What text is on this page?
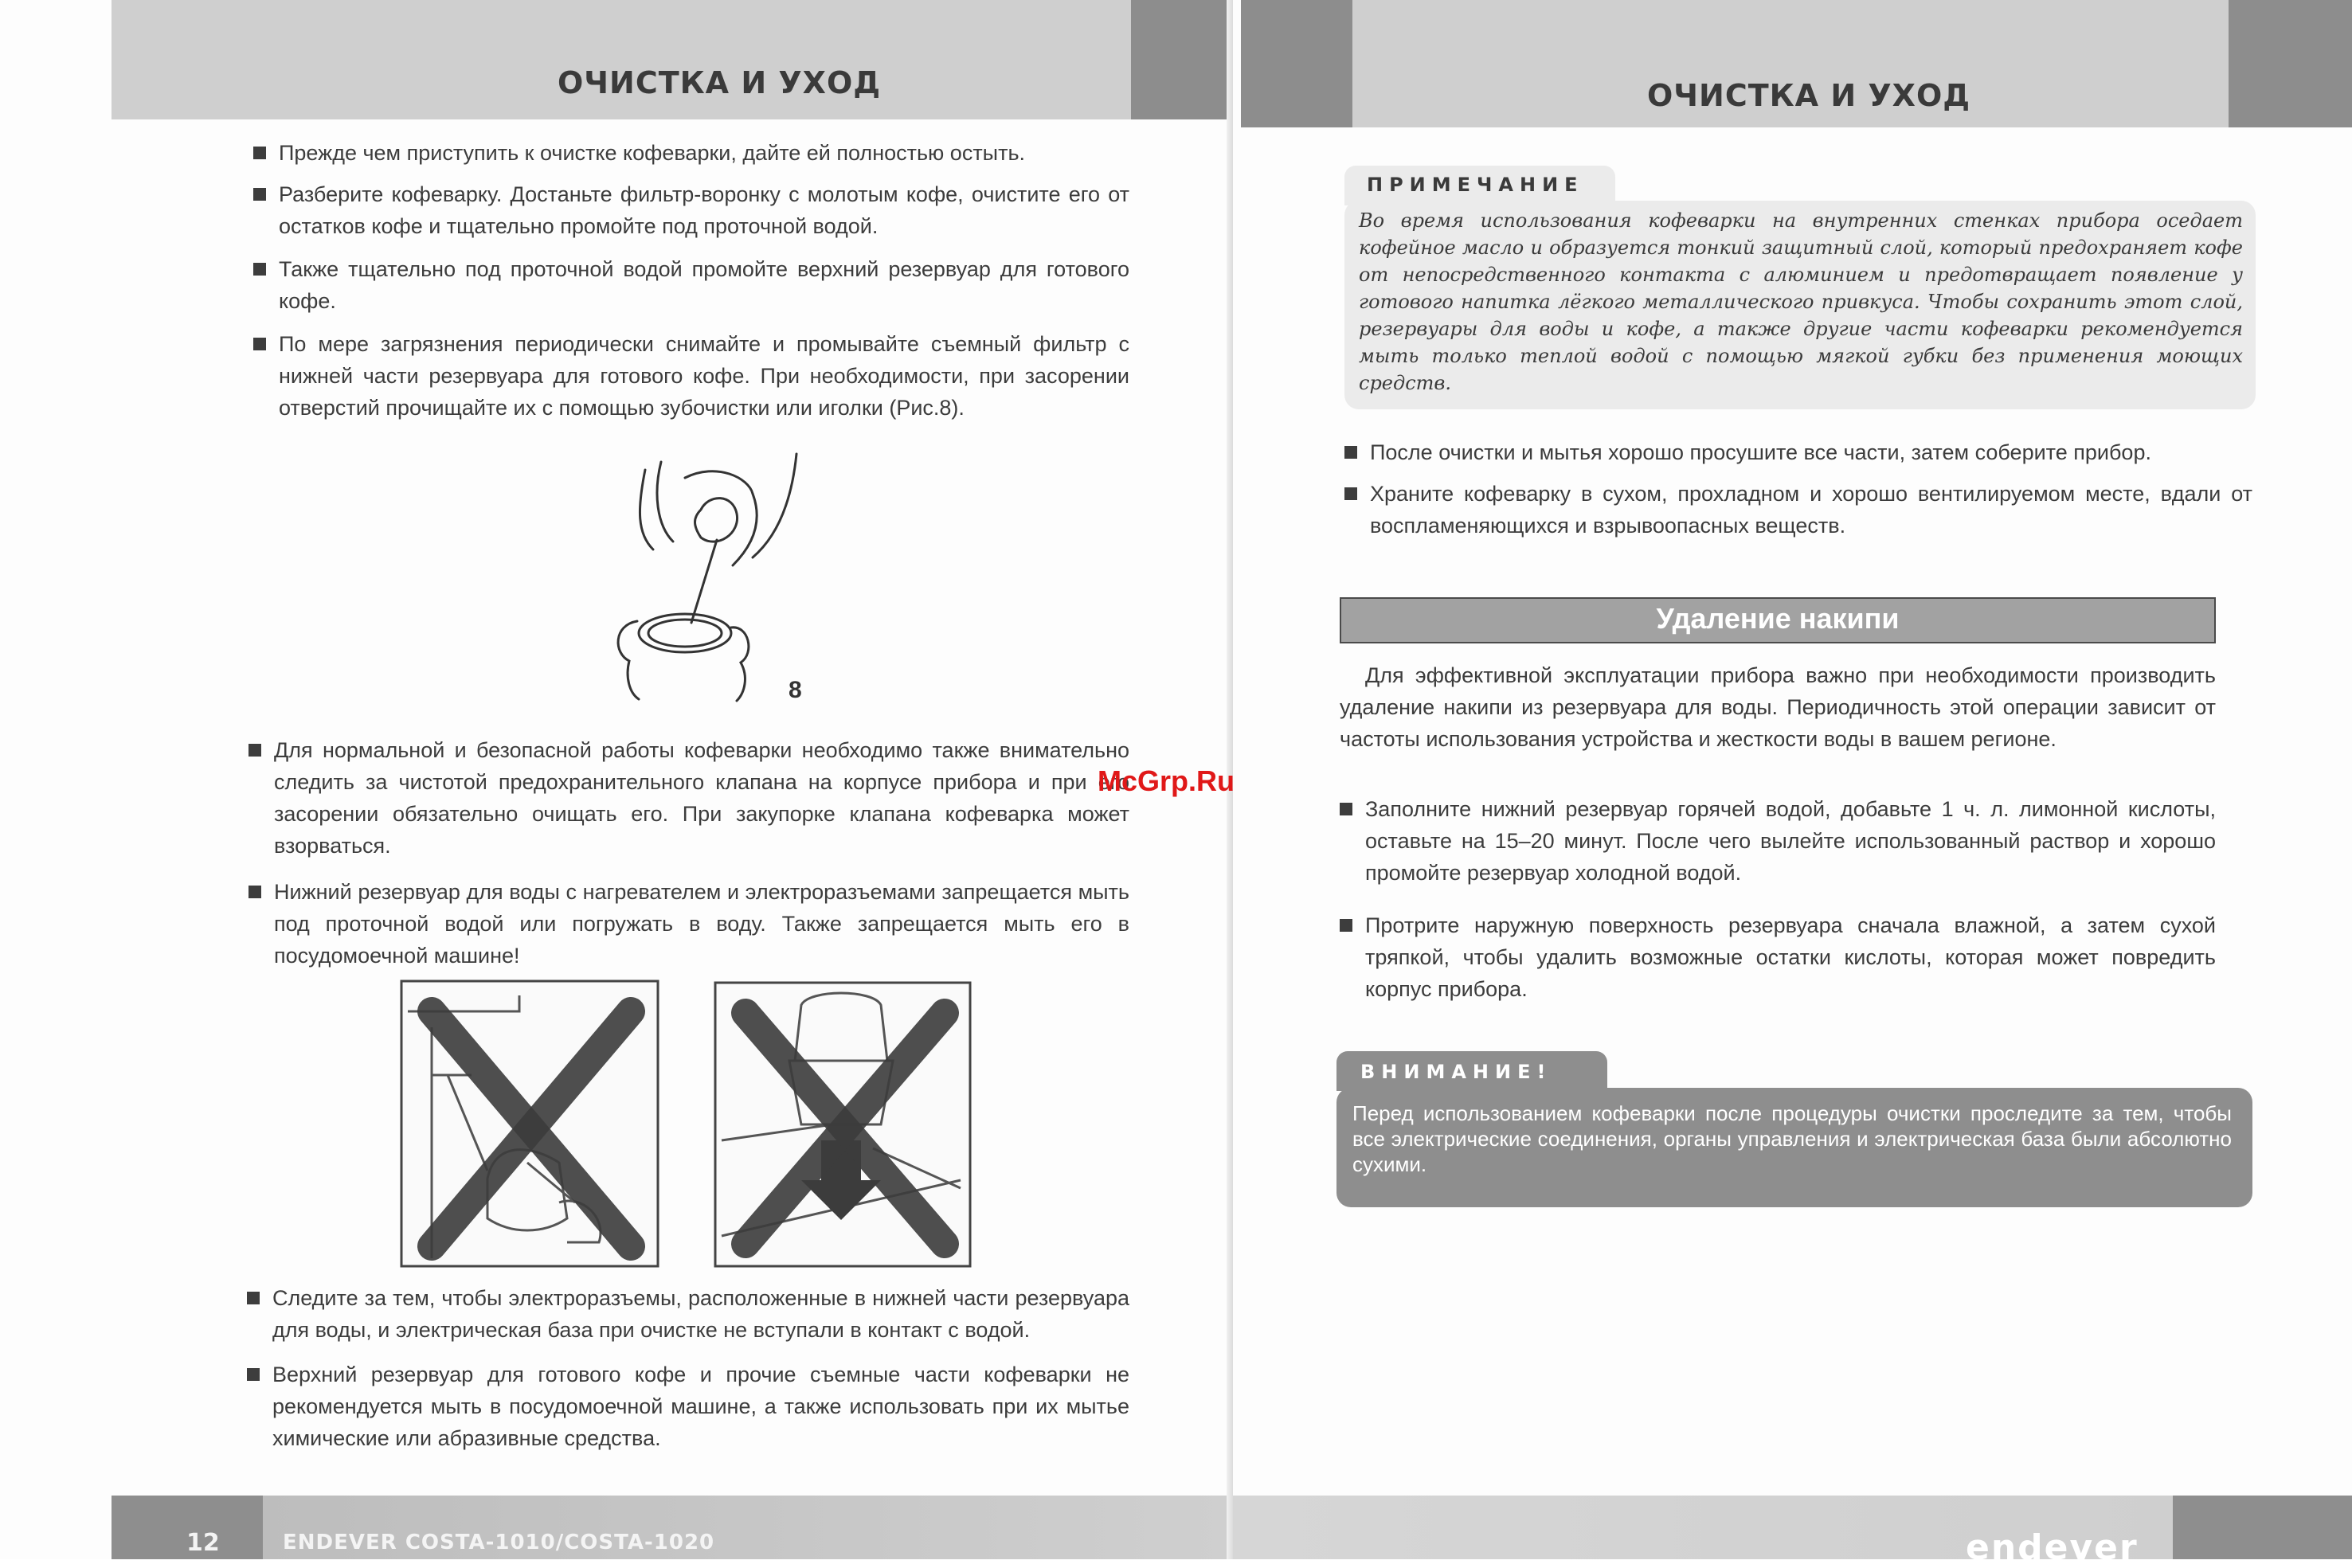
ОЧИСТКА И УХОД
Прежде чем приступить к очистке кофеварки, дайте ей полностью остыть.
Разберите кофеварку. Достаньте фильтр-воронку с молотым кофе, очистите его от остатков кофе и тщательно промойте под проточной водой.
Также тщательно под проточной водой промойте верхний резервуар для готового кофе.
По мере загрязнения периодически снимайте и промывайте съемный фильтр с нижней части резервуара для готового кофе. При необходимости, при засорении отверстий прочищайте их с помощью зубочистки или иголки (Рис.8).
8
Для нормальной и безопасной работы кофеварки необходимо также внимательно следить за чистотой предохранительного клапана на корпусе прибора и при его засорении обязательно очищать его. При закупорке клапана кофеварка может взорваться.
Нижний резервуар для воды с нагревателем и электроразъемами запрещается мыть под проточной водой или погружать в воду. Также запрещается мыть его в посудомоечной машине!
Следите за тем, чтобы электроразъемы, расположенные в нижней части резервуара для воды, и электрическая база при очистке не вступали в контакт с водой.
Верхний резервуар для готового кофе и прочие съемные части кофеварки не рекомендуется мыть в посудомоечной машине, а также использовать при их мытье химические или абразивные средства.
12	ENDEVER COSTA-1010/COSTA-1020
ОЧИСТКА И УХОД
ПРИМЕЧАНИЕ
Во время использования кофеварки на внутренних стенках прибора оседает кофейное масло и образуется тонкий защитный слой, который предохраняет кофе от непосредственного контакта с алюминием и предотвращает появление у готового напитка лёгкого металлического привкуса. Чтобы сохранить этот слой, резервуары для воды и кофе, а также другие части кофеварки рекомендуется мыть только теплой водой с помощью мягкой губки без применения моющих средств.
После очистки и мытья хорошо просушите все части, затем соберите прибор.
Храните кофеварку в сухом, прохладном и хорошо вентилируемом месте, вдали от воспламеняющихся и взрывоопасных веществ.
Удаление накипи
Для эффективной эксплуатации прибора важно при необходимости производить удаление накипи из резервуара для воды. Периодичность этой операции зависит от частоты использования устройства и жесткости воды в вашем регионе.
Заполните нижний резервуар горячей водой, добавьте 1 ч. л. лимонной кислоты, оставьте на 15–20 минут. После чего вылейте использованный раствор и хорошо промойте резервуар холодной водой.
Протрите наружную поверхность резервуара сначала влажной, а затем сухой тряпкой, чтобы удалить возможные остатки кислоты, которая может повредить корпус прибора.
ВНИМАНИЕ!
Перед использованием кофеварки после процедуры очистки проследите за тем, чтобы все электрические соединения, органы управления и электрическая база были абсолютно сухими.
endever
McGrp.Ru
